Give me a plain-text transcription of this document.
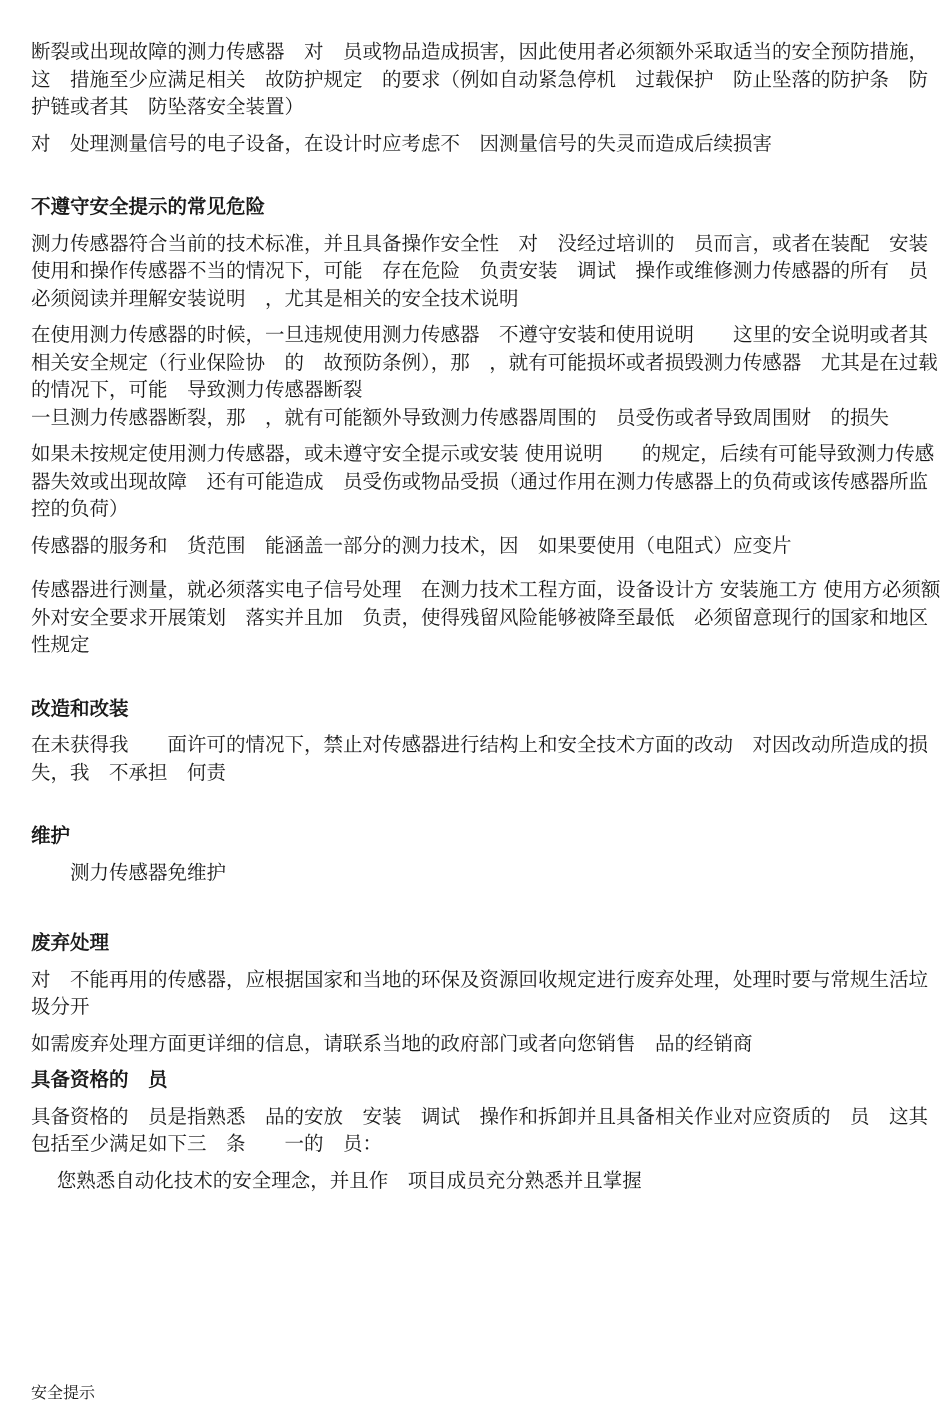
断裂或出现故障的测力传感器　对　员或物品造成损害，因此使用者必须额外采取适当的安全预防措施，这　措施至少应满足相关　故防护规定　的要求（例如自动紧急停机　过载保护　防止坠落的防护条　防护链或者其　防坠落安全装置）

对　处理测量信号的电子设备，在设计时应考虑不　因测量信号的失灵而造成后续损害

不遵守安全提示的常见危险

测力传感器符合当前的技术标准，并且具备操作安全性　对　没经过培训的　员而言，或者在装配　安装　使用和操作传感器不当的情况下，可能　存在危险　负责安装　调试　操作或维修测力传感器的所有　员必须阅读并理解安装说明　，尤其是相关的安全技术说明

在使用测力传感器的时候，一旦违规使用测力传感器　不遵守安装和使用说明　　这里的安全说明或者其　相关安全规定（行业保险协　的　故预防条例），那　，就有可能损坏或者损毁测力传感器　尤其是在过载的情况下，可能　导致测力传感器断裂
一旦测力传感器断裂，那　，就有可能额外导致测力传感器周围的　员受伤或者导致周围财　的损失

如果未按规定使用测力传感器，或未遵守安全提示或安装 使用说明　　的规定，后续有可能导致测力传感器失效或出现故障　还有可能造成　员受伤或物品受损（通过作用在测力传感器上的负荷或该传感器所监控的负荷）

传感器的服务和　货范围　能涵盖一部分的测力技术，因　如果要使用（电阻式）应变片

传感器进行测量，就必须落实电子信号处理　在测力技术工程方面，设备设计方 安装施工方 使用方必须额外对安全要求开展策划　落实并且加　负责，使得残留风险能够被降至最低　必须留意现行的国家和地区性规定

改造和改装

在未获得我　　面许可的情况下，禁止对传感器进行结构上和安全技术方面的改动　对因改动所造成的损失，我　不承担　何责

维护

　　测力传感器免维护

废弃处理

对　不能再用的传感器，应根据国家和当地的环保及资源回收规定进行废弃处理，处理时要与常规生活垃圾分开

如需废弃处理方面更详细的信息，请联系当地的政府部门或者向您销售　品的经销商

具备资格的　员

具备资格的　员是指熟悉　品的安放　安装　调试　操作和拆卸并且具备相关作业对应资质的　员　这其　包括至少满足如下三　条　　一的　员：

　 您熟悉自动化技术的安全理念，并且作　项目成员充分熟悉并且掌握

安全提示
